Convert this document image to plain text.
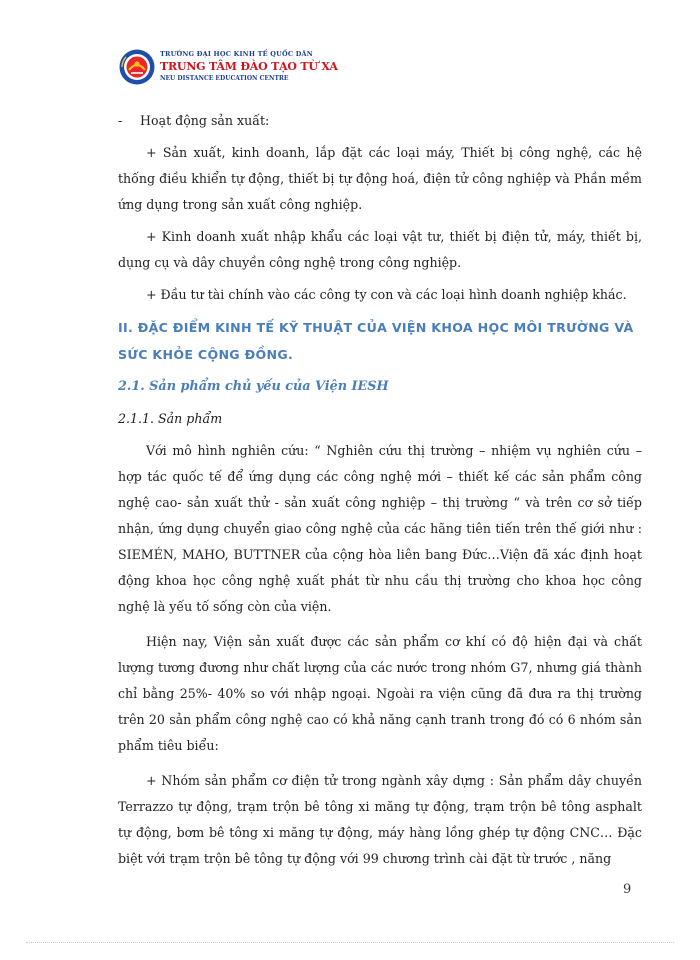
TRƯỜNG ĐẠI HỌC KINH TẾ QUỐC DÂN
TRUNG TÂM ĐÀO TẠO TỪ XA
NEU DISTANCE EDUCATION CENTRE

-	Hoạt động sản xuất:

+ Sản xuất, kinh doanh, lắp đặt các loại máy, Thiết bị công nghệ, các hệ thống điều khiển tự động, thiết bị tự động hoá, điện tử công nghiệp và Phần mềm ứng dụng trong sản xuất công nghiệp.

+ Kinh doanh xuất nhập khẩu các loại vật tư, thiết bị điện tử, máy, thiết bị, dụng cụ và dây chuyền công nghệ trong công nghiệp.

+ Đầu tư tài chính vào các công ty con và các loại hình doanh nghiệp khác.

II. ĐẶC ĐIỂM KINH TẾ KỸ THUẬT CỦA VIỆN KHOA HỌC MÔI TRƯỜNG VÀ SỨC KHỎE CỘNG ĐỒNG.

2.1. Sản phẩm chủ yếu của Viện IESH

2.1.1. Sản phẩm

Với mô hình nghiên cứu: “ Nghiên cứu thị trường – nhiệm vụ nghiên cứu – hợp tác quốc tế để ứng dụng các công nghệ mới – thiết kế các sản phẩm công nghệ cao- sản xuất thử - sản xuất công nghiệp – thị trường “ và trên cơ sở tiếp nhận, ứng dụng chuyển giao công nghệ của các hãng tiên tiến trên thế giới như : SIEMÉN, MAHO, BUTTNER của cộng hòa liên bang Đức…Viện đã xác định hoạt động khoa học công nghệ xuất phát từ nhu cầu thị trường cho khoa học công nghệ là yếu tố sống còn của viện.

Hiện nay, Viện sản xuất được các sản phẩm cơ khí có độ hiện đại và chất lượng tương đương như chất lượng của các nước trong nhóm G7, nhưng giá thành chỉ bằng 25%- 40% so với nhập ngoại. Ngoài ra viện cũng đã đưa ra thị trường trên 20 sản phẩm công nghệ cao có khả năng cạnh tranh trong đó có 6 nhóm sản phẩm tiêu biểu:

+ Nhóm sản phẩm cơ điện tử trong ngành xây dựng : Sản phẩm dây chuyền Terrazzo tự động, trạm trộn bê tông xi măng tự động, trạm trộn bê tông asphalt tự động, bơm bê tông xi măng tự động, máy hàng lồng ghép tự động CNC… Đặc biệt với trạm trộn bê tông tự động với 99 chương trình cài đặt từ trước , năng

9
